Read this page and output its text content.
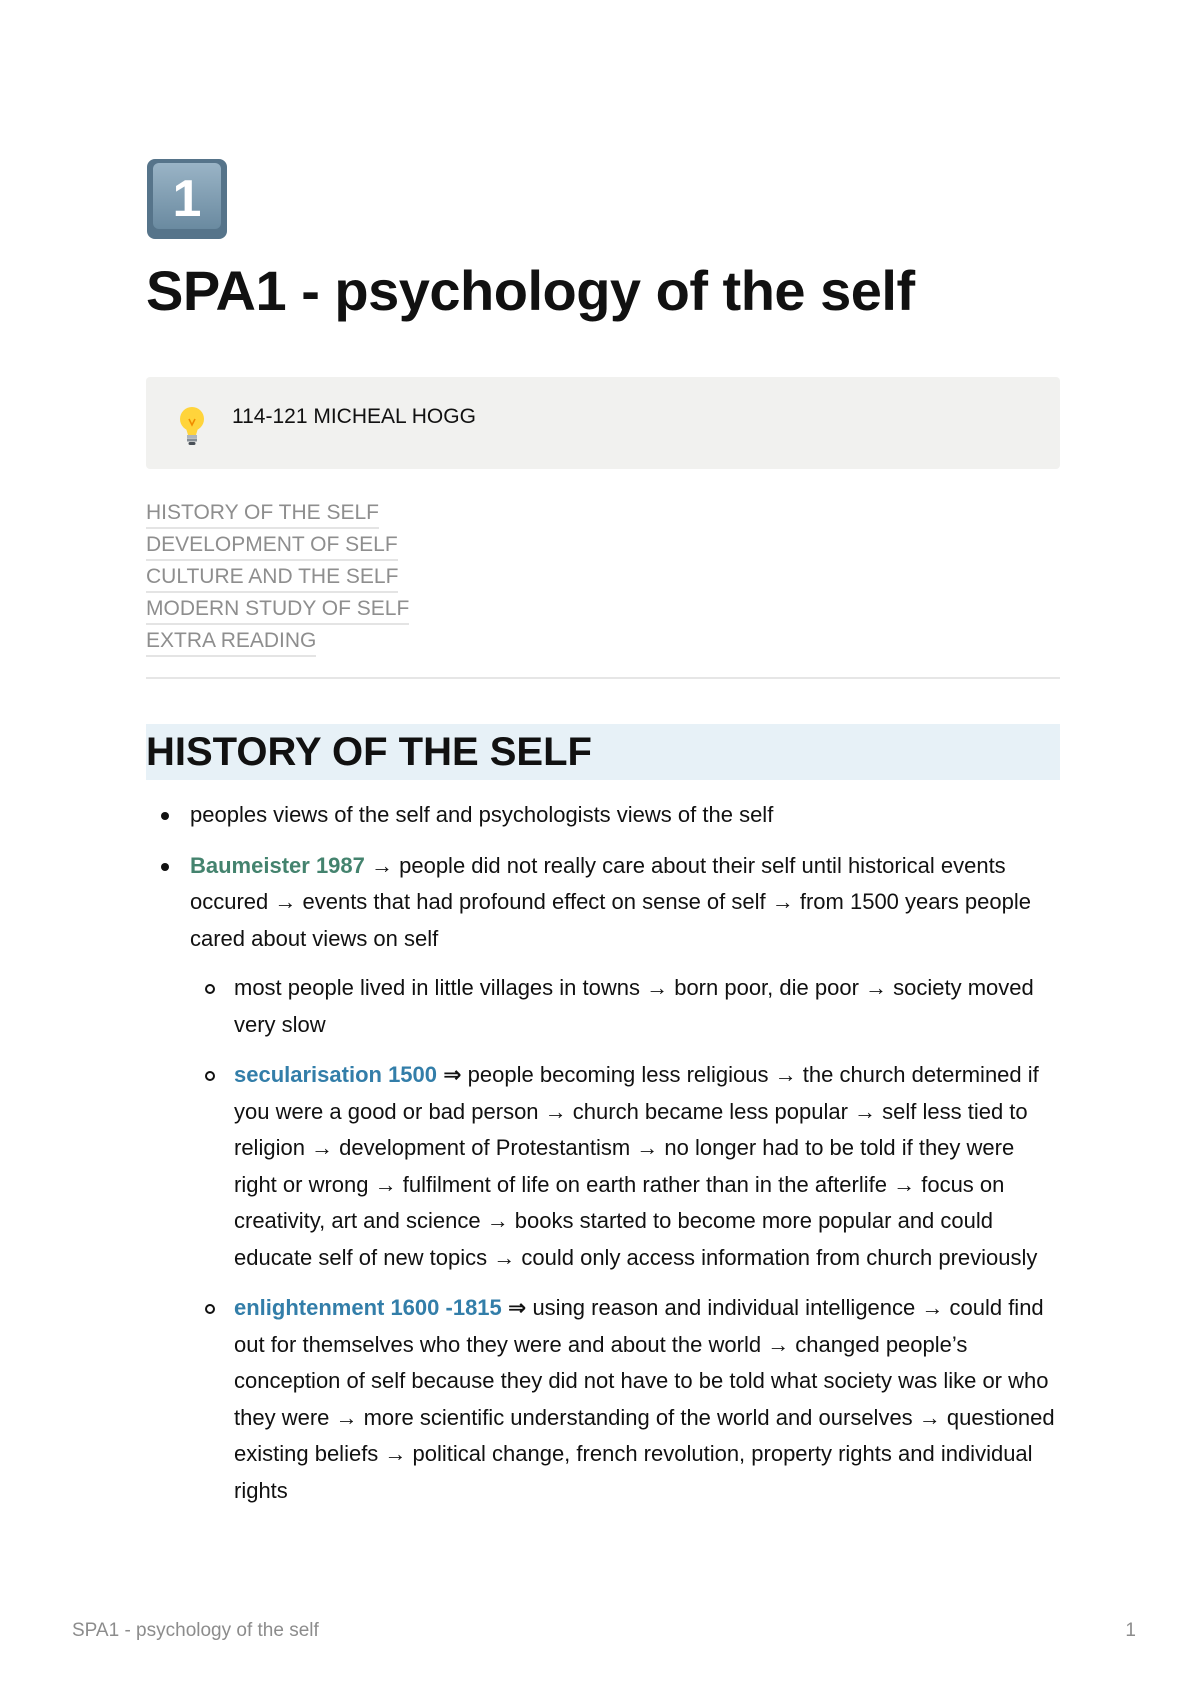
1
SPA1 - psychology of the self
114-121 MICHEAL HOGG
HISTORY OF THE SELF
DEVELOPMENT OF SELF
CULTURE AND THE SELF
MODERN STUDY OF SELF
EXTRA READING
HISTORY OF THE SELF
peoples views of the self and psychologists views of the self
Baumeister 1987 → people did not really care about their self until historical events occured → events that had profound effect on sense of self → from 1500 years people cared about views on self
most people lived in little villages in towns → born poor, die poor → society moved very slow
secularisation 1500 ⇒ people becoming less religious → the church determined if you were a good or bad person → church became less popular → self less tied to religion → development of Protestantism → no longer had to be told if they were right or wrong → fulfilment of life on earth rather than in the afterlife → focus on creativity, art and science → books started to become more popular and could educate self of new topics → could only access information from church previously
enlightenment 1600 -1815 ⇒ using reason and individual intelligence → could find out for themselves who they were and about the world → changed people’s conception of self because they did not have to be told what society was like or who they were → more scientific understanding of the world and ourselves → questioned existing beliefs → political change, french revolution, property rights and individual rights
SPA1 - psychology of the self	1
